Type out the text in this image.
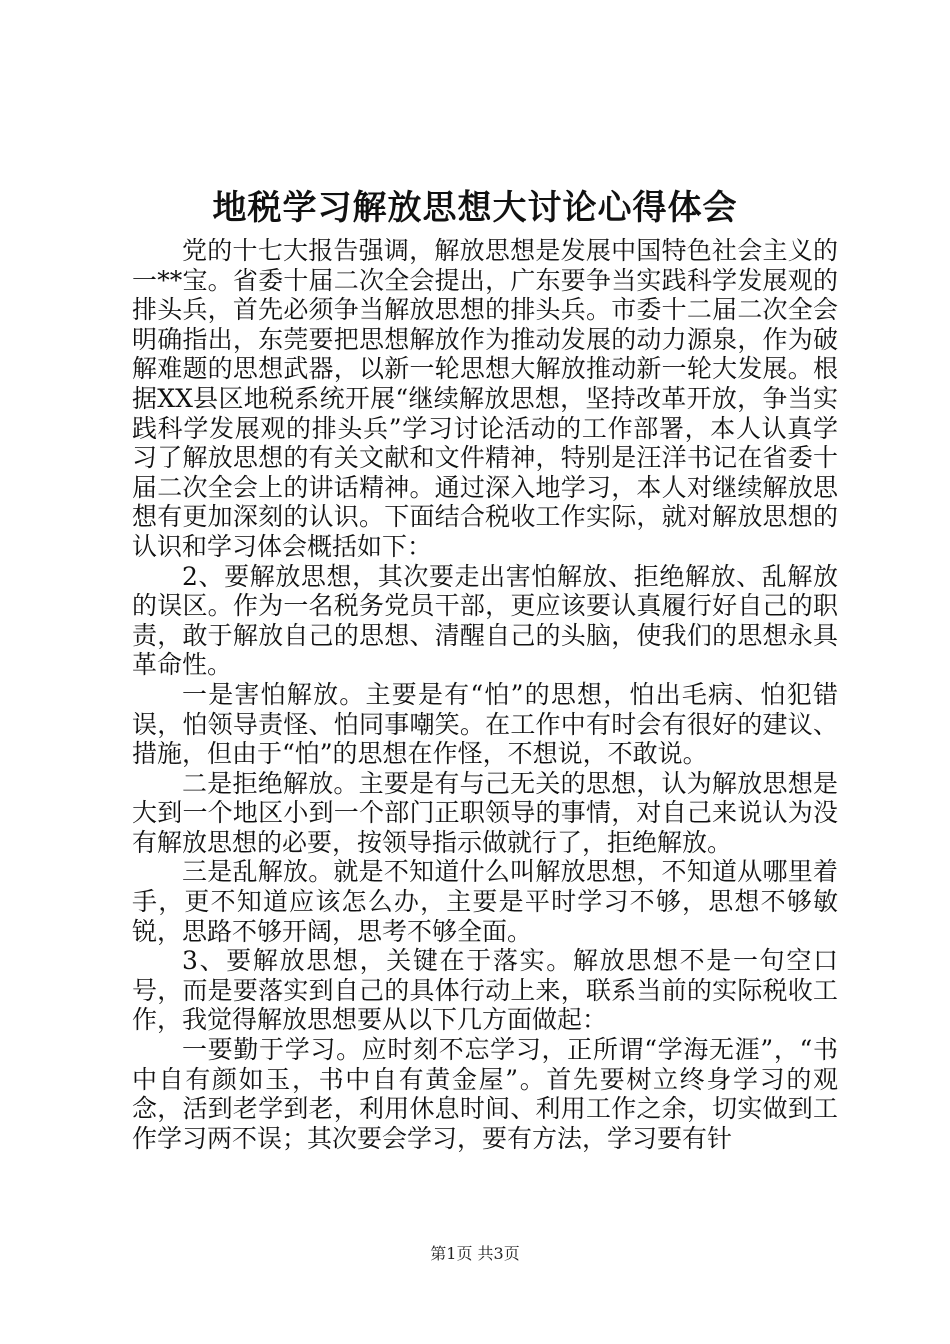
地税学习解放思想大讨论心得体会

党的十七大报告强调，解放思想是发展中国特色社会主义的一**宝。省委十届二次全会提出，广东要争当实践科学发展观的排头兵，首先必须争当解放思想的排头兵。市委十二届二次全会明确指出，东莞要把思想解放作为推动发展的动力源泉，作为破解难题的思想武器，以新一轮思想大解放推动新一轮大发展。根据XX县区地税系统开展“继续解放思想，坚持改革开放，争当实践科学发展观的排头兵”学习讨论活动的工作部署，本人认真学习了解放思想的有关文献和文件精神，特别是汪洋书记在省委十届二次全会上的讲话精神。通过深入地学习，本人对继续解放思想有更加深刻的认识。下面结合税收工作实际，就对解放思想的认识和学习体会概括如下：

2、要解放思想，其次要走出害怕解放、拒绝解放、乱解放的误区。作为一名税务党员干部，更应该要认真履行好自己的职责，敢于解放自己的思想、清醒自己的头脑，使我们的思想永具革命性。

一是害怕解放。主要是有“怕”的思想，怕出毛病、怕犯错误，怕领导责怪、怕同事嘲笑。在工作中有时会有很好的建议、措施，但由于“怕”的思想在作怪，不想说，不敢说。

二是拒绝解放。主要是有与己无关的思想，认为解放思想是大到一个地区小到一个部门正职领导的事情，对自己来说认为没有解放思想的必要，按领导指示做就行了，拒绝解放。

三是乱解放。就是不知道什么叫解放思想，不知道从哪里着手，更不知道应该怎么办，主要是平时学习不够，思想不够敏锐，思路不够开阔，思考不够全面。

3、要解放思想，关键在于落实。解放思想不是一句空口号，而是要落实到自己的具体行动上来，联系当前的实际税收工作，我觉得解放思想要从以下几方面做起：

一要勤于学习。应时刻不忘学习，正所谓“学海无涯”，“书中自有颜如玉，书中自有黄金屋”。首先要树立终身学习的观念，活到老学到老，利用休息时间、利用工作之余，切实做到工作学习两不误；其次要会学习，要有方法，学习要有针

第1页 共3页
